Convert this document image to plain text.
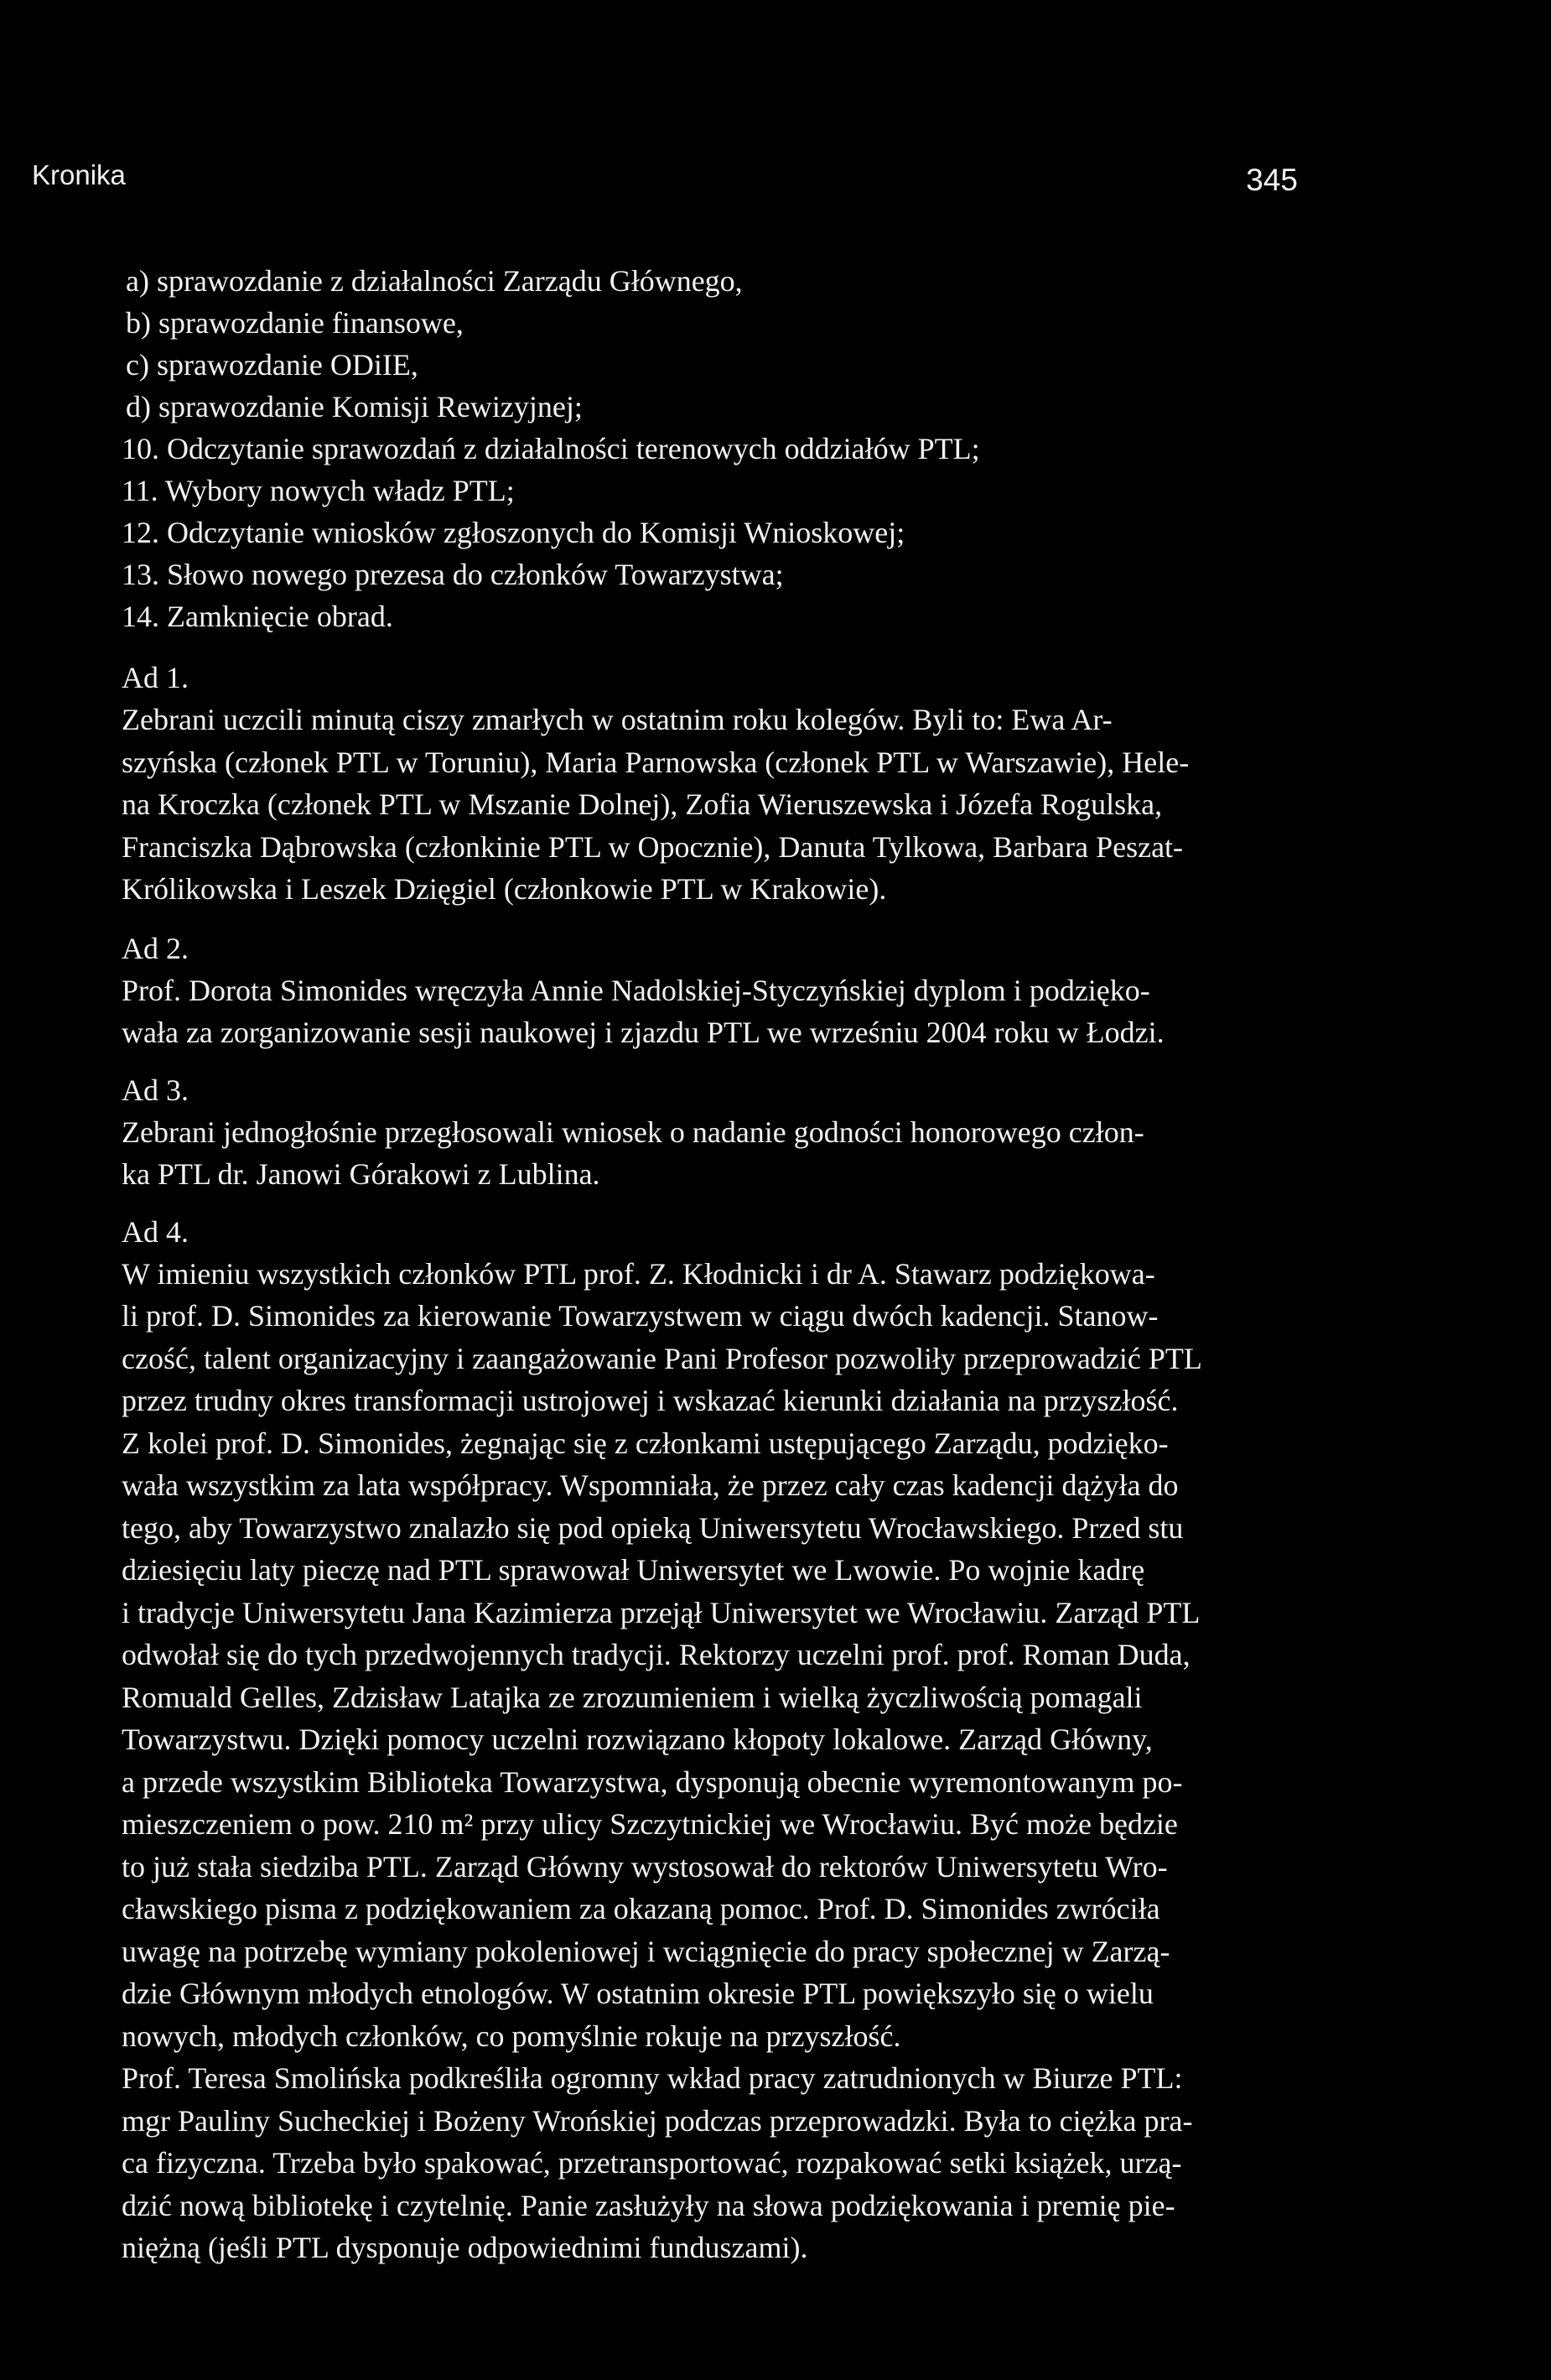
Kronika	345
a) sprawozdanie z działalności Zarządu Głównego,
b) sprawozdanie finansowe,
c) sprawozdanie ODiIE,
d) sprawozdanie Komisji Rewizyjnej;
10. Odczytanie sprawozdań z działalności terenowych oddziałów PTL;
11. Wybory nowych władz PTL;
12. Odczytanie wniosków zgłoszonych do Komisji Wnioskowej;
13. Słowo nowego prezesa do członków Towarzystwa;
14. Zamknięcie obrad.

Ad 1.

Zebrani uczcili minutą ciszy zmarłych w ostatnim roku kolegów. Byli to: Ewa Ar-
szyńska (członek PTL w Toruniu), Maria Parnowska (członek PTL w Warszawie), Hele-
na Kroczka (członek PTL w Mszanie Dolnej), Zofia Wieruszewska i Józefa Rogulska,
Franciszka Dąbrowska (członkinie PTL w Opocznie), Danuta Tylkowa, Barbara Peszat-
Królikowska i Leszek Dzięgiel (członkowie PTL w Krakowie).

Ad 2.

Prof. Dorota Simonides wręczyła Annie Nadolskiej-Styczyńskiej dyplom i podzięko-
wała za zorganizowanie sesji naukowej i zjazdu PTL we wrześniu 2004 roku w Łodzi.

Ad 3.

Zebrani jednogłośnie przegłosowali wniosek o nadanie godności honorowego człon-
ka PTL dr. Janowi Górakowi z Lublina.

Ad 4.

W imieniu wszystkich członków PTL prof. Z. Kłodnicki i dr A. Stawarz podziękowa-
li prof. D. Simonides za kierowanie Towarzystwem w ciągu dwóch kadencji. Stanow-
czość, talent organizacyjny i zaangażowanie Pani Profesor pozwoliły przeprowadzić PTL
przez trudny okres transformacji ustrojowej i wskazać kierunki działania na przyszłość.
Z kolei prof. D. Simonides, żegnając się z członkami ustępującego Zarządu, podzięko-
wała wszystkim za lata współpracy. Wspomniała, że przez cały czas kadencji dążyła do
tego, aby Towarzystwo znalazło się pod opieką Uniwersytetu Wrocławskiego. Przed stu
dziesięciu laty pieczę nad PTL sprawował Uniwersytet we Lwowie. Po wojnie kadrę
i tradycje Uniwersytetu Jana Kazimierza przejął Uniwersytet we Wrocławiu. Zarząd PTL
odwołał się do tych przedwojennych tradycji. Rektorzy uczelni prof. prof. Roman Duda,
Romuald Gelles, Zdzisław Latajka ze zrozumieniem i wielką życzliwością pomagali
Towarzystwu. Dzięki pomocy uczelni rozwiązano kłopoty lokalowe. Zarząd Główny,
a przede wszystkim Biblioteka Towarzystwa, dysponują obecnie wyremontowanym po-
mieszczeniem o pow. 210 m² przy ulicy Szczytnickiej we Wrocławiu. Być może będzie
to już stała siedziba PTL. Zarząd Główny wystosował do rektorów Uniwersytetu Wro-
cławskiego pisma z podziękowaniem za okazaną pomoc. Prof. D. Simonides zwróciła
uwagę na potrzebę wymiany pokoleniowej i wciągnięcie do pracy społecznej w Zarzą-
dzie Głównym młodych etnologów. W ostatnim okresie PTL powiększyło się o wielu
nowych, młodych członków, co pomyślnie rokuje na przyszłość.
Prof. Teresa Smolińska podkreśliła ogromny wkład pracy zatrudnionych w Biurze PTL:
mgr Pauliny Sucheckiej i Bożeny Wrońskiej podczas przeprowadzki. Była to ciężka pra-
ca fizyczna. Trzeba było spakować, przetransportować, rozpakować setki książek, urzą-
dzić nową bibliotekę i czytelnię. Panie zasłużyły na słowa podziękowania i premię pie-
niężną (jeśli PTL dysponuje odpowiednimi funduszami).
